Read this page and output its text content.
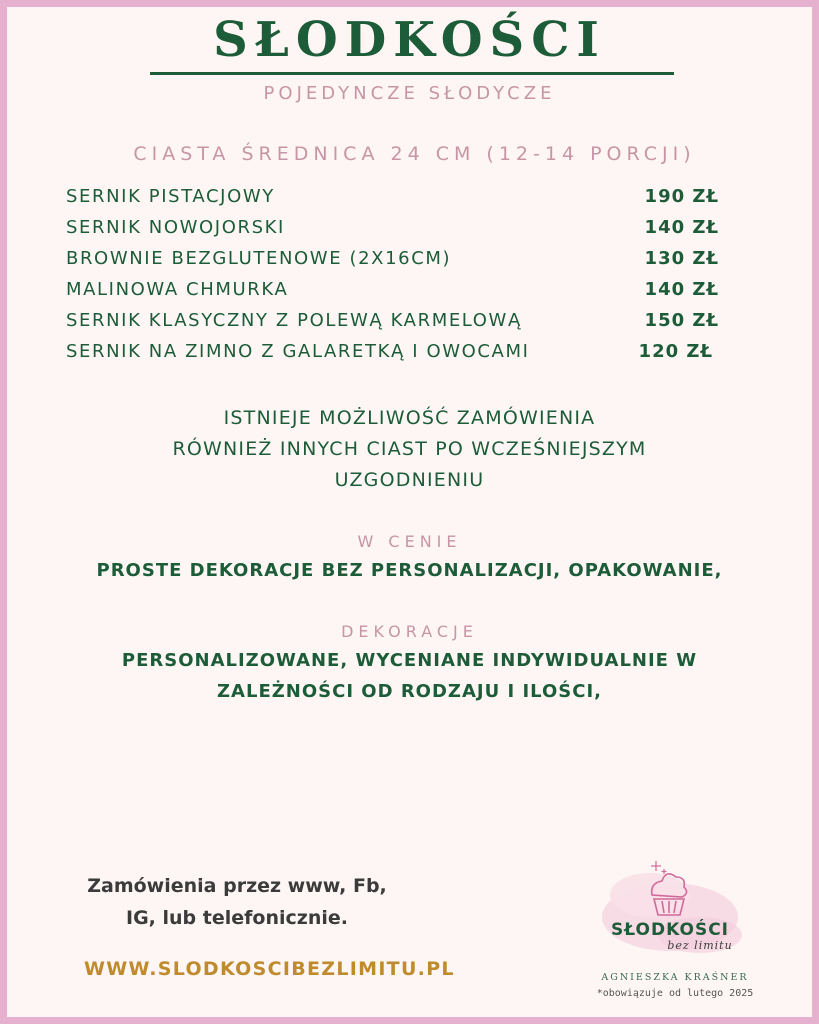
SŁODKOŚCI
POJEDYNCZE SŁODYCZE
CIASTA ŚREDNICA 24 CM (12-14 PORCJI)
SERNIK PISTACJOWY	190 ZŁ
SERNIK NOWOJORSKI	140 ZŁ
BROWNIE BEZGLUTENOWE (2X16CM)	130 ZŁ
MALINOWA CHMURKA	140 ZŁ
SERNIK KLASYCZNY Z POLEWĄ KARMELOWĄ	150 ZŁ
SERNIK NA ZIMNO Z GALARETKĄ I OWOCAMI	120 ZŁ
ISTNIEJE MOŻLIWOŚĆ ZAMÓWIENIA
RÓWNIEŻ INNYCH CIAST PO WCZEŚNIEJSZYM
UZGODNIENIU
W CENIE
PROSTE DEKORACJE BEZ PERSONALIZACJI, OPAKOWANIE,
DEKORACJE
PERSONALIZOWANE, WYCENIANE INDYWIDUALNIE W
ZALEŻNOŚCI OD RODZAJU I ILOŚCI,
Zamówienia przez www, Fb,
IG, lub telefonicznie.
WWW.SLODKOSCIBEZLIMITU.PL
SŁODKOŚCI
bez limitu
AGNIESZKA KRAŚNER
*obowiązuje od lutego 2025
